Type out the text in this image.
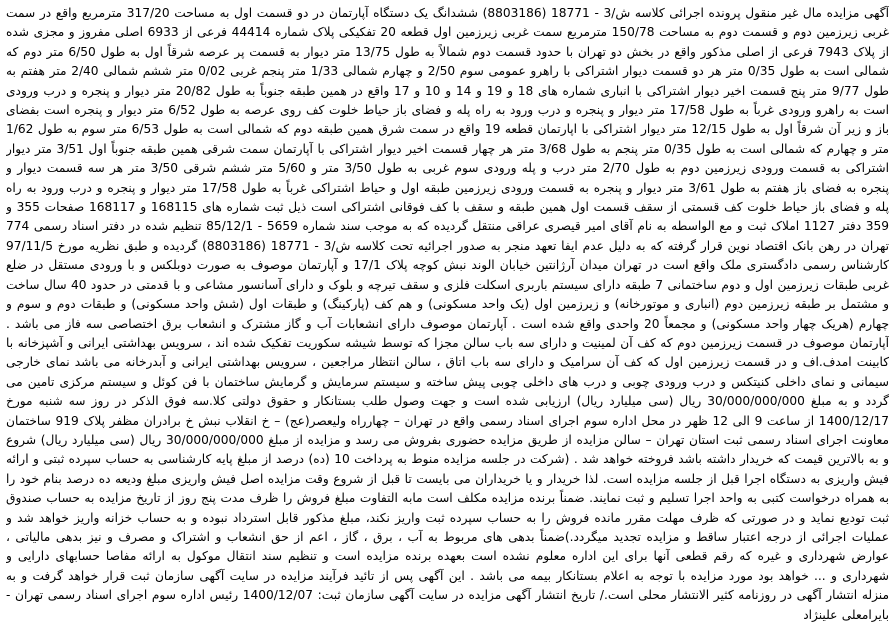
آگهی مزایده مال غیر منقول پرونده اجرائی کلاسه ش/3 - 18771 (8803186) ششدانگ یک دستگاه آپارتمان در دو قسمت اول به مساحت 317/20 مترمربع واقع در سمت غربی زیرزمین دوم و قسمت دوم به مساحت 150/78 مترمربع سمت غربی زیرزمین اول قطعه 20 تفکیکی پلاک شماره 44414 فرعی از 6933 اصلی مفروز و مجزی شده از پلاک 7943 فرعی از اصلی مذکور واقع در بخش دو تهران با حدود قسمت دوم شمالاً به طول 13/75 متر دیوار به قسمت پر عرصه شرقاً اول به طول 6/50 متر دوم که شمالی است به طول 0/35 متر هر دو قسمت دیوار اشتراکی با راهرو عمومی سوم 2/50 و چهارم شمالی 1/33 متر پنجم غربی 0/02 متر ششم شمالی 2/40 متر هفتم به طول 9/77 متر پنج قسمت اخیر دیوار اشتراکی با انباری شماره های 18 و 19 و 14 و 10 و 17 واقع در همین طبقه جنوباً به طول 20/82 متر دیوار و پنجره و درب ورودی است به راهرو ورودی غرباً به طول 17/58 متر دیوار و پنجره و درب ورود به راه پله و فضای باز حیاط خلوت کف روی عرصه به طول 6/52 متر دیوار و پنجره است بفضای باز و زیر آن شرقاً اول به طول 12/15 متر دیوار اشتراکی با اپارتمان قطعه 19 واقع در سمت شرق همین طبقه دوم که شمالی است به طول 6/53 متر سوم به طول 1/62 متر و چهارم که شمالی است به طول 0/35 متر پنجم به طول 3/68 متر هر چهار قسمت اخیر دیوار اشتراکی با آپارتمان سمت شرقی همین طبقه جنوباً اول 3/51 متر دیوار اشتراکی به قسمت ورودی زیرزمین دوم به طول 2/70 متر درب و پله ورودی سوم غربی به طول 3/50 متر و 5/60 متر ششم شرقی 3/50 متر هر سه قسمت دیوار و پنجره به فضای باز هفتم به طول 3/61 متر دیوار و پنجره به قسمت ورودی زیرزمین طبقه اول و حیاط اشتراکی غرباً به طول 17/58 متر دیوار و پنجره و درب ورود به راه پله و فضای باز حیاط خلوت کف قسمتی از سقف قسمت اول همین طبقه و سقف با کف فوقانی اشتراکی است ذیل ثبت شماره های 168115 و 168117 صفحات 355 و 359 دفتر 1127 املاک ثبت و مع الواسطه به نام آقای امیر قیصری عراقی منتقل گردیده که به موجب سند شماره 5659 - 85/12/1 تنظیم شده در دفتر اسناد رسمی 774 تهران در رهن بانک اقتصاد نوین قرار گرفته که به دلیل عدم ایفا تعهد منجر به صدور اجرائیه تحت کلاسه ش/3 - 18771 (8803186) گردیده و طبق نظریه مورخ 97/11/5 کارشناس رسمی دادگستری ملک واقع است در تهران میدان آرژانتین خیابان الوند نبش کوچه پلاک 17/1 و آپارتمان موصوف به صورت دوبلکس و با ورودی مستقل در ضلع غربی طبقات زیرزمین اول و دوم ساختمانی 7 طبقه دارای سیستم باربری اسکلت فلزی و سقف تیرچه و بلوک و دارای آسانسور مشاعی و با قدمتی در حدود 40 سال ساخت و مشتمل بر طبقه زیرزمین دوم (انباری و موتورخانه) و زیرزمین اول (یک واحد مسکونی) و هم کف (پارکینگ) و طبقات اول (شش واحد مسکونی) و طبقات دوم و سوم و چهارم (هریک چهار واحد مسکونی) و مجمعاً 20 واحدی واقع شده است . آپارتمان موصوف دارای انشعابات آب و گاز مشترک و انشعاب برق اختصاصی سه فاز می باشد . آپارتمان موصوف در قسمت زیرزمین دوم که کف آن لمینیت و دارای سه باب سالن مجزا که توسط شیشه سکوریت تفکیک شده اند ، سرویس بهداشتی ایرانی و آشپزخانه با کابینت امدف.اف و در قسمت زیرزمین اول که کف آن سرامیک و دارای سه باب اتاق ، سالن انتظار مراجعین ، سرویس بهداشتی ایرانی و آبدرخانه می باشد نمای خارجی سیمانی و نمای داخلی کنیتکس و درب ورودی چوبی و درب های داخلی چوبی پیش ساخته و سیستم سرمایش و گرمایش ساختمان با فن کوئل و سیستم مرکزی تامین می گردد و به مبلغ 30/000/000/000 ریال (سی میلیارد ریال) ارزیابی شده است و جهت وصول طلب بستانکار و حقوق دولتی کلا.سه فوق الذکر در روز سه شنبه مورخ 1400/12/17 از ساعت 9 الی 12 ظهر در محل اداره سوم اجرای اسناد رسمی واقع در تهران – چهارراه ولیعصر(عج) – خ انقلاب نبش خ برادران مظفر پلاک 919 ساختمان معاونت اجرای اسناد رسمی ثبت استان تهران – سالن مزایده از طریق مزایده حضوری بفروش می رسد و مزایده از مبلغ 30/000/000/000 ریال (سی میلیارد ریال) شروع و به بالاترین قیمت که خریدار داشته باشد فروخته خواهد شد . (شرکت در جلسه مزایده منوط به پرداخت 10 (ده) درصد از مبلغ پایه کارشناسی به حساب سپرده ثبتی و ارائه فیش واریزی به دستگاه اجرا قبل از جلسه مزایده است. لذا خریدار و یا خریداران می بایست تا قبل از شروع وقت مزایده اصل فیش واریزی مبلغ ودیعه ده درصد بنام خود را به همراه درخواست کتبی به واحد اجرا تسلیم و ثبت نمایند. ضمناً برنده مزایده مکلف است مابه التفاوت مبلغ فروش را ظرف مدت پنج روز از تاریخ مزایده به حساب صندوق ثبت تودیع نماید و در صورتی که ظرف مهلت مقرر مانده فروش را به حساب سپرده ثبت واریز نکند، مبلغ مذکور قابل استرداد نبوده و به حساب خزانه واریز خواهد شد و عملیات اجرائی از درجه اعتبار ساقط و مزایده تجدید میگردد.)ضمناً بدهی های مربوط به آب ، برق ، گاز ، اعم از حق انشعاب و اشتراک و مصرف و نیز بدهی مالیاتی ، عوارض شهرداری و غیره که رقم قطعی آنها برای این اداره معلوم نشده است بعهده برنده مزایده است و تنظیم سند انتقال موکول به ارائه مفاصا حسابهای دارایی و شهرداری و ... خواهد بود مورد مزایده با توجه به اعلام بستانکار بیمه می باشد . این آگهی پس از تائید فرآیند مزایده در سایت آگهی سازمان ثبت قرار خواهد گرفت و به منزله انتشار آگهی در روزنامه کثیر الانتشار محلی است./ تاریخ انتشار آگهی مزایده در سایت آگهی سازمان ثبت: 1400/12/07 رئیس اداره سوم اجرای اسناد رسمی تهران - بایرامعلی علینژاد
